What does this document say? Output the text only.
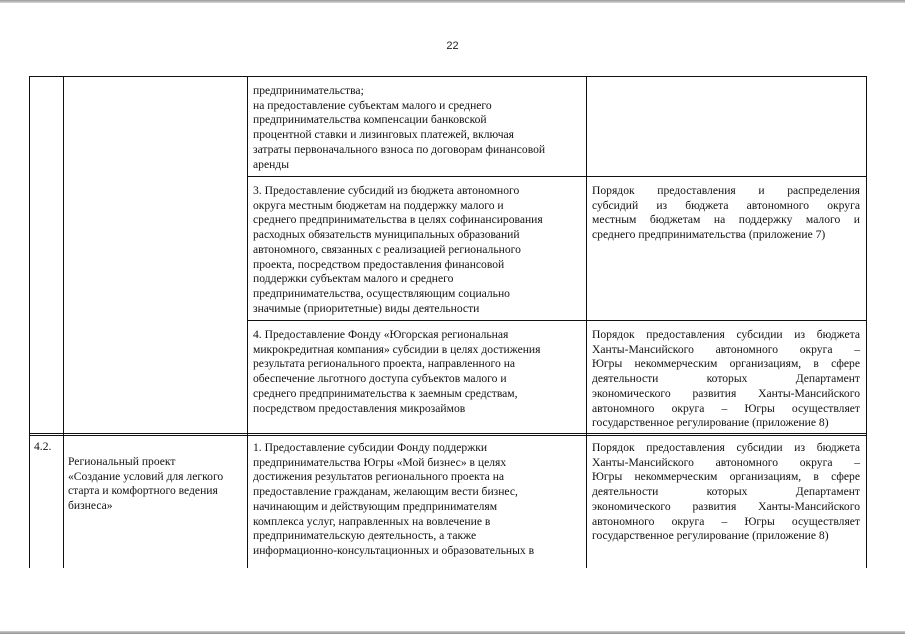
22
предпринимательства;
на предоставление субъектам малого и среднего
предпринимательства компенсации банковской
процентной ставки и лизинговых платежей, включая
затраты первоначального взноса по договорам финансовой
аренды
3. Предоставление субсидий из бюджета автономного
округа местным бюджетам на поддержку малого и
среднего предпринимательства в целях софинансирования
расходных обязательств муниципальных образований
автономного, связанных с реализацией регионального
проекта, посредством предоставления финансовой
поддержки субъектам малого и среднего
предпринимательства, осуществляющим социально
значимые (приоритетные) виды деятельности
Порядок предоставления и распределения
субсидий из бюджета автономного округа
местным бюджетам на поддержку малого и
среднего предпринимательства (приложение 7)
4. Предоставление Фонду «Югорская региональная
микрокредитная компания» субсидии в целях достижения
результата регионального проекта, направленного на
обеспечение льготного доступа субъектов малого и
среднего предпринимательства к заемным средствам,
посредством предоставления микрозаймов
Порядок предоставления субсидии из бюджета
Ханты-Мансийского автономного округа –
Югры некоммерческим организациям, в сфере
деятельности которых Департамент
экономического развития Ханты-Мансийского
автономного округа – Югры осуществляет
государственное регулирование (приложение 8)
4.2.
Региональный проект
«Создание условий для легкого
старта и комфортного ведения
бизнеса»
1. Предоставление субсидии Фонду поддержки
предпринимательства Югры «Мой бизнес» в целях
достижения результатов регионального проекта на
предоставление гражданам, желающим вести бизнес,
начинающим и действующим предпринимателям
комплекса услуг, направленных на вовлечение в
предпринимательскую деятельность, а также
информационно-консультационных и образовательных в
Порядок предоставления субсидии из бюджета
Ханты-Мансийского автономного округа –
Югры некоммерческим организациям, в сфере
деятельности которых Департамент
экономического развития Ханты-Мансийского
автономного округа – Югры осуществляет
государственное регулирование (приложение 8)
